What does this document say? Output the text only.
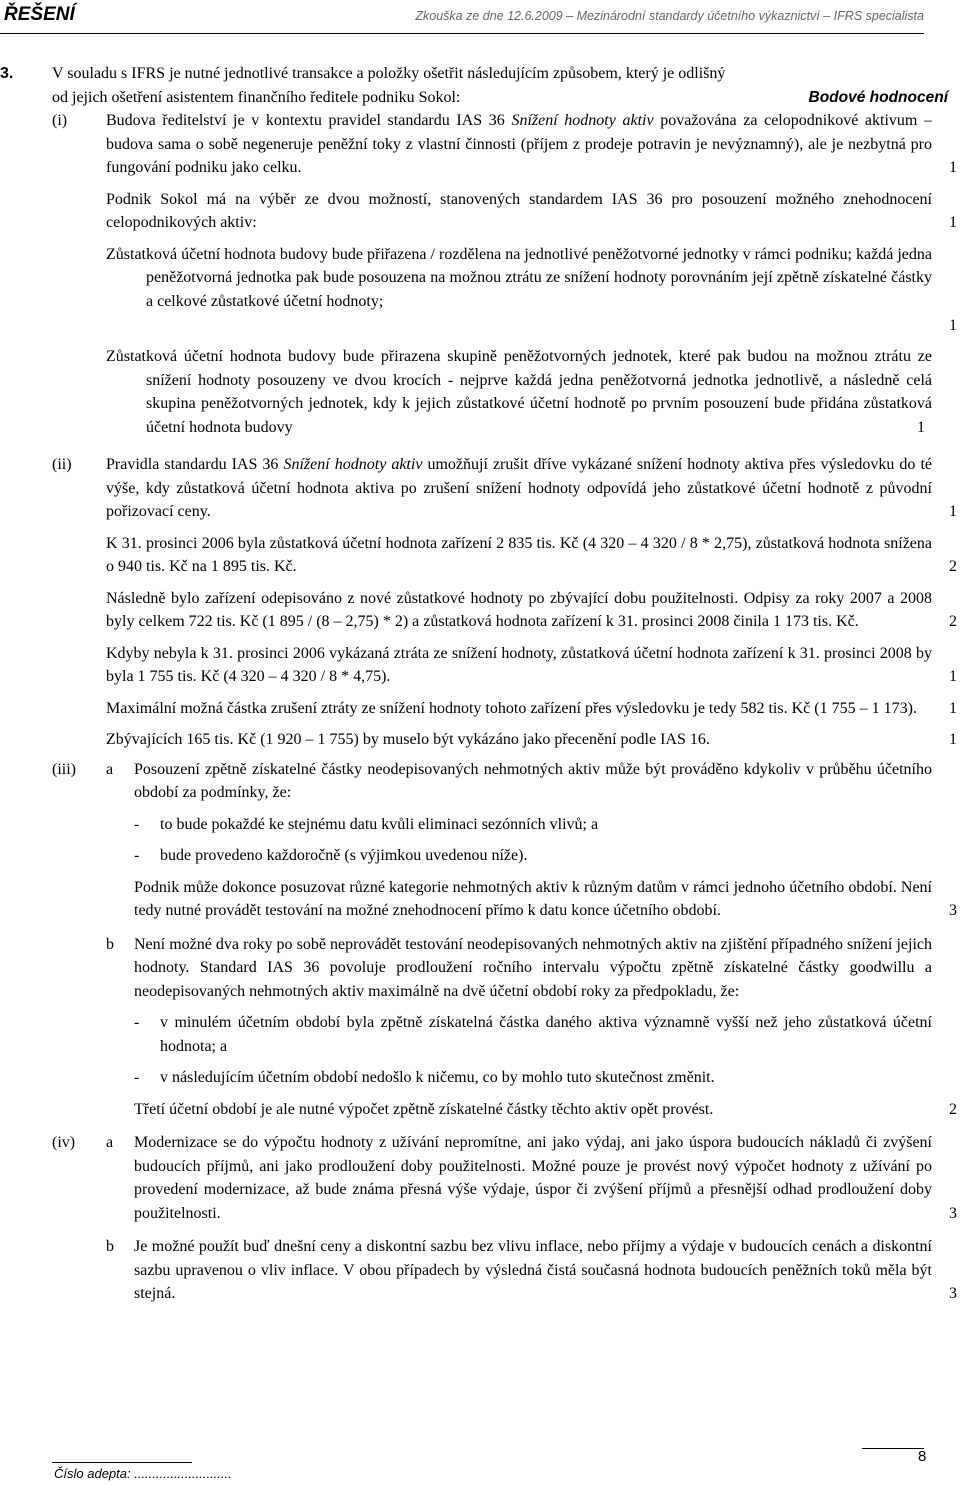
ŘEŠENÍ	Zkouška ze dne 12.6.2009 – Mezinárodní standardy účetního výkaznictví – IFRS specialista
3. V souladu s IFRS je nutné jednotlivé transakce a položky ošetřit následujícím způsobem, který je odlišný
od jejich ošetření asistentem finančního ředitele podniku Sokol:	Bodové hodnocení
(i) Budova ředitelství je v kontextu pravidel standardu IAS 36 Snížení hodnoty aktiv považována za celopodnikové aktivum – budova sama o sobě negeneruje peněžní toky z vlastní činnosti (příjem z prodeje potravin je nevýznamný), ale je nezbytná pro fungování podniku jako celku.	1
Podnik Sokol má na výběr ze dvou možností, stanovených standardem IAS 36 pro posouzení možného znehodnocení celopodnikových aktiv:	1
Zůstatková účetní hodnota budovy bude přiřazena / rozdělena na jednotlivé peněžotvorné jednotky v rámci podniku; každá jedna peněžotvorná jednotka pak bude posouzena na možnou ztrátu ze snížení hodnoty porovnáním její zpětně získatelné částky a celkové zůstatkové účetní hodnoty;
1
Zůstatková účetní hodnota budovy bude přirazena skupině peněžotvorných jednotek, které pak budou na možnou ztrátu ze snížení hodnoty posouzeny ve dvou krocích - nejprve každá jedna peněžotvorná jednotka jednotlivě, a následně celá skupina peněžotvorných jednotek, kdy k jejich zůstatkové účetní hodnotě po prvním posouzení bude přidána zůstatková účetní hodnota budovy	1
(ii) Pravidla standardu IAS 36 Snížení hodnoty aktiv umožňují zrušit dříve vykázané snížení hodnoty aktiva přes výsledovku do té výše, kdy zůstatková účetní hodnota aktiva po zrušení snížení hodnoty odpovídá jeho zůstatkové účetní hodnotě z původní pořizovací ceny.	1
K 31. prosinci 2006 byla zůstatková účetní hodnota zařízení 2 835 tis. Kč (4 320 – 4 320 / 8 * 2,75), zůstatková hodnota snížena o 940 tis. Kč na 1 895 tis. Kč.	2
Následně bylo zařízení odepisováno z nové zůstatkové hodnoty po zbývající dobu použitelnosti. Odpisy za roky 2007 a 2008 byly celkem 722 tis. Kč (1 895 / (8 – 2,75) * 2) a zůstatková hodnota zařízení k 31. prosinci 2008 činila 1 173 tis. Kč.	2
Kdyby nebyla k 31. prosinci 2006 vykázaná ztráta ze snížení hodnoty, zůstatková účetní hodnota zařízení k 31. prosinci 2008 by byla 1 755 tis. Kč (4 320 – 4 320 / 8 * 4,75).	1
Maximální možná částka zrušení ztráty ze snížení hodnoty tohoto zařízení přes výsledovku je tedy 582 tis. Kč (1 755 – 1 173). 1
Zbývajících 165 tis. Kč (1 920 – 1 755) by muselo být vykázáno jako přecenění podle IAS 16.	1
(iii) a Posouzení zpětně získatelné částky neodepisovaných nehmotných aktiv může být prováděno kdykoliv v průběhu účetního období za podmínky, že:
- to bude pokaždé ke stejnému datu kvůli eliminaci sezónních vlivů; a
- bude provedeno každoročně (s výjimkou uvedenou níže).
Podnik může dokonce posuzovat různé kategorie nehmotných aktiv k různým datům v rámci jednoho účetního období. Není tedy nutné provádět testování na možné znehodnocení přímo k datu konce účetního období.	3
b Není možné dva roky po sobě neprovádět testování neodepisovaných nehmotných aktiv na zjištění případného snížení jejich hodnoty. Standard IAS 36 povoluje prodloužení ročního intervalu výpočtu zpětně získatelné částky goodwillu a neodepisovaných nehmotných aktiv maximálně na dvě účetní období roky za předpokladu, že:
- v minulém účetním období byla zpětně získatelná částka daného aktiva významně vyšší než jeho zůstatková účetní hodnota; a
- v následujícím účetním období nedošlo k ničemu, co by mohlo tuto skutečnost změnit.
Třetí účetní období je ale nutné výpočet zpětně získatelné částky těchto aktiv opět provést.	2
(iv) a Modernizace se do výpočtu hodnoty z užívání nepromítne, ani jako výdaj, ani jako úspora budoucích nákladů či zvýšení budoucích příjmů, ani jako prodloužení doby použitelnosti. Možné pouze je provést nový výpočet hodnoty z užívání po provedení modernizace, až bude známa přesná výše výdaje, úspor či zvýšení příjmů a přesnější odhad prodloužení doby použitelnosti.	3
b Je možné použít buď dnešní ceny a diskontní sazbu bez vlivu inflace, nebo příjmy a výdaje v budoucích cenách a diskontní sazbu upravenou o vliv inflace. V obou případech by výsledná čistá současná hodnota budoucích peněžních toků měla být stejná.	3
Číslo adepta: ...........................
8
